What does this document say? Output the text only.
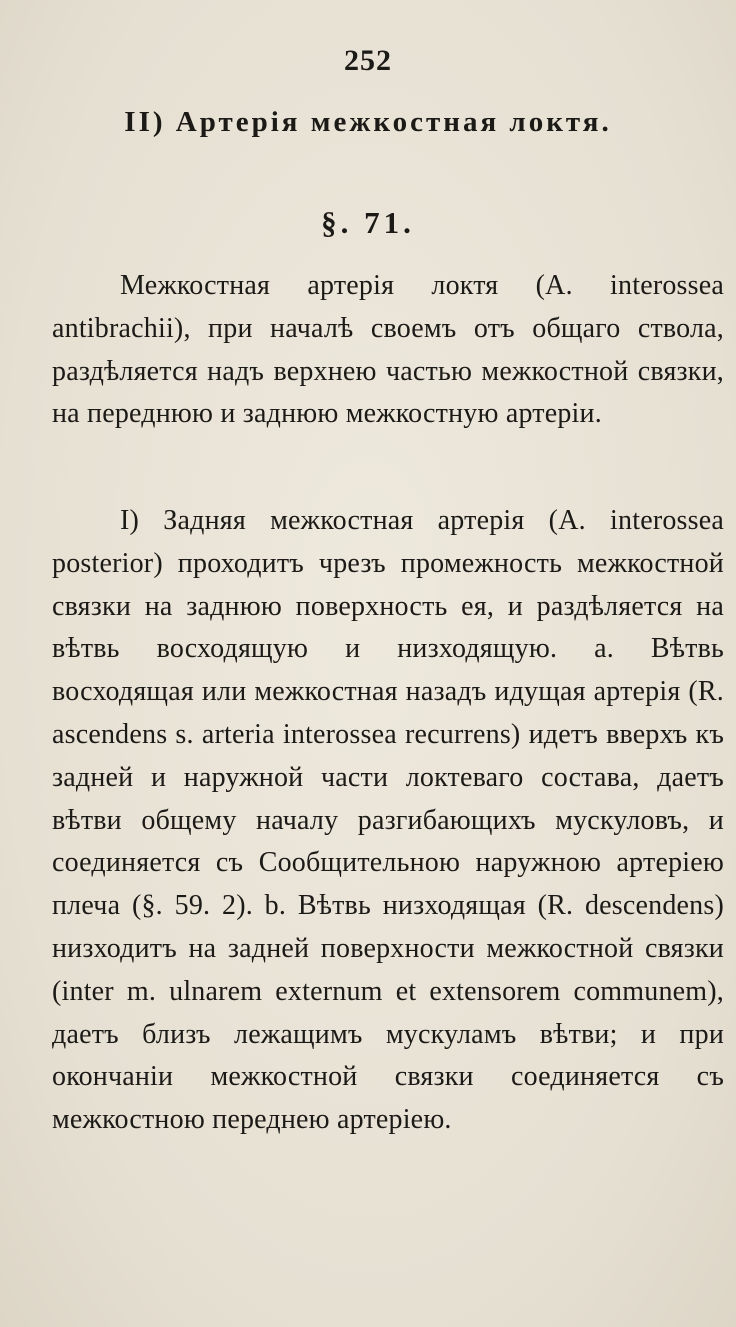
252
II) Артерія межкостная локтя.
§. 71.
Межкостная артерія локтя (A. interossea antibrachii), при началѣ своемъ отъ общаго ствола, раздѣляется надъ верхнею частью межкостной связки, на переднюю и заднюю межкостную артеріи.
I) Задняя межкостная артерія (A. interossea posterior) проходитъ чрезъ промежность межкостной связки на заднюю поверхность ея, и раздѣляется на вѣтвь восходящую и низходящую. a. Вѣтвь восходящая или межкостная назадъ идущая артерія (R. ascendens s. arteria interossea recurrens) идетъ вверхъ къ задней и наружной части локтеваго состава, даетъ вѣтви общему началу разгибающихъ мускуловъ, и соединяется съ Сообщительною наружною артеріею плеча (§. 59. 2). b. Вѣтвь низходящая (R. descendens) низходитъ на задней поверхности межкостной связки (inter m. ulnarem externum et extensorem communem), даетъ близъ лежащимъ мускуламъ вѣтви; и при окончаніи межкостной связки соединяется съ межкостною переднею артеріею.
